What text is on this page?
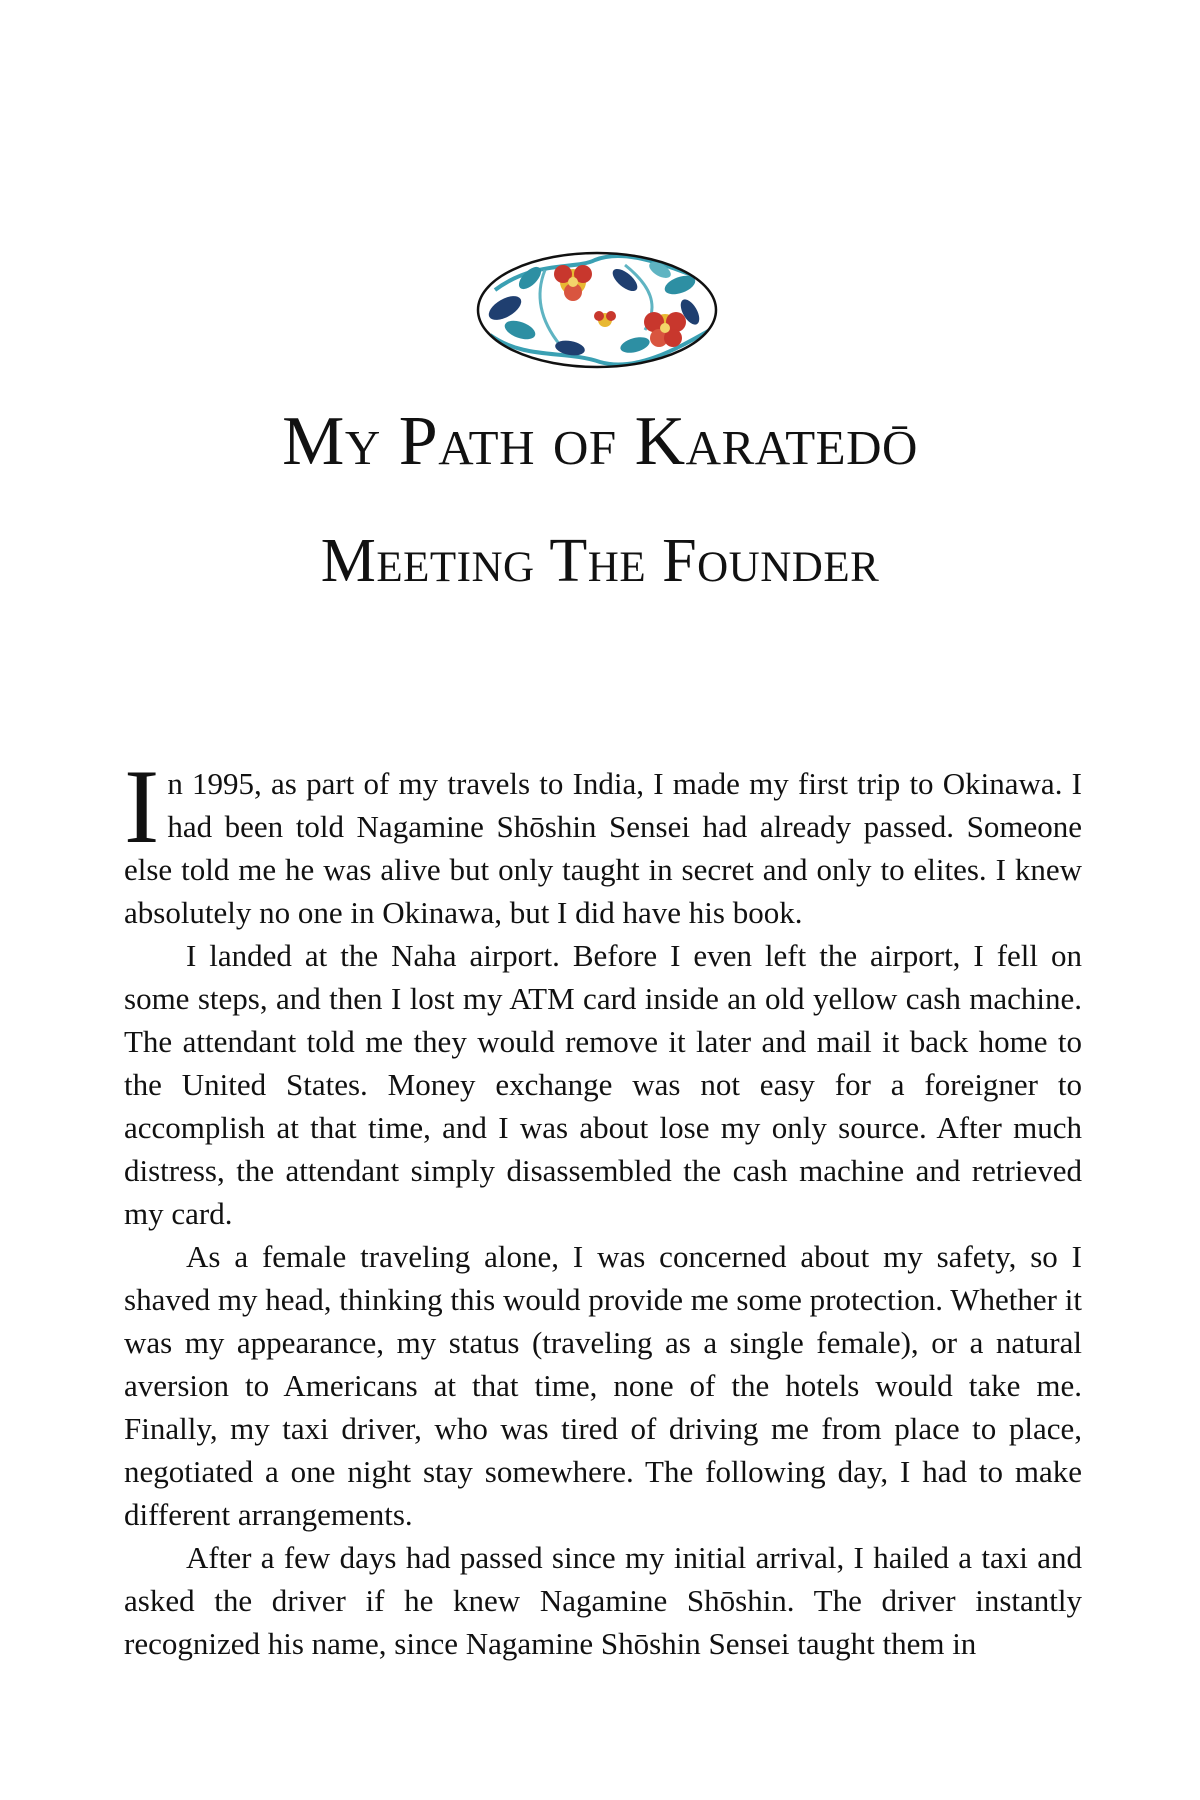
My Path of Karatedō
Meeting The Founder

In 1995, as part of my travels to India, I made my first trip to Okinawa. I had been told Nagamine Shōshin Sensei had already passed. Someone else told me he was alive but only taught in secret and only to elites. I knew absolutely no one in Okinawa, but I did have his book.

I landed at the Naha airport. Before I even left the airport, I fell on some steps, and then I lost my ATM card inside an old yellow cash machine. The attendant told me they would remove it later and mail it back home to the United States. Money exchange was not easy for a foreigner to accomplish at that time, and I was about lose my only source. After much distress, the attendant simply disassembled the cash machine and retrieved my card.

As a female traveling alone, I was concerned about my safety, so I shaved my head, thinking this would provide me some protection. Whether it was my appearance, my status (traveling as a single female), or a natural aversion to Americans at that time, none of the hotels would take me. Finally, my taxi driver, who was tired of driving me from place to place, negotiated a one night stay somewhere. The following day, I had to make different arrangements.

After a few days had passed since my initial arrival, I hailed a taxi and asked the driver if he knew Nagamine Shōshin. The driver instantly recognized his name, since Nagamine Shōshin Sensei taught them in
